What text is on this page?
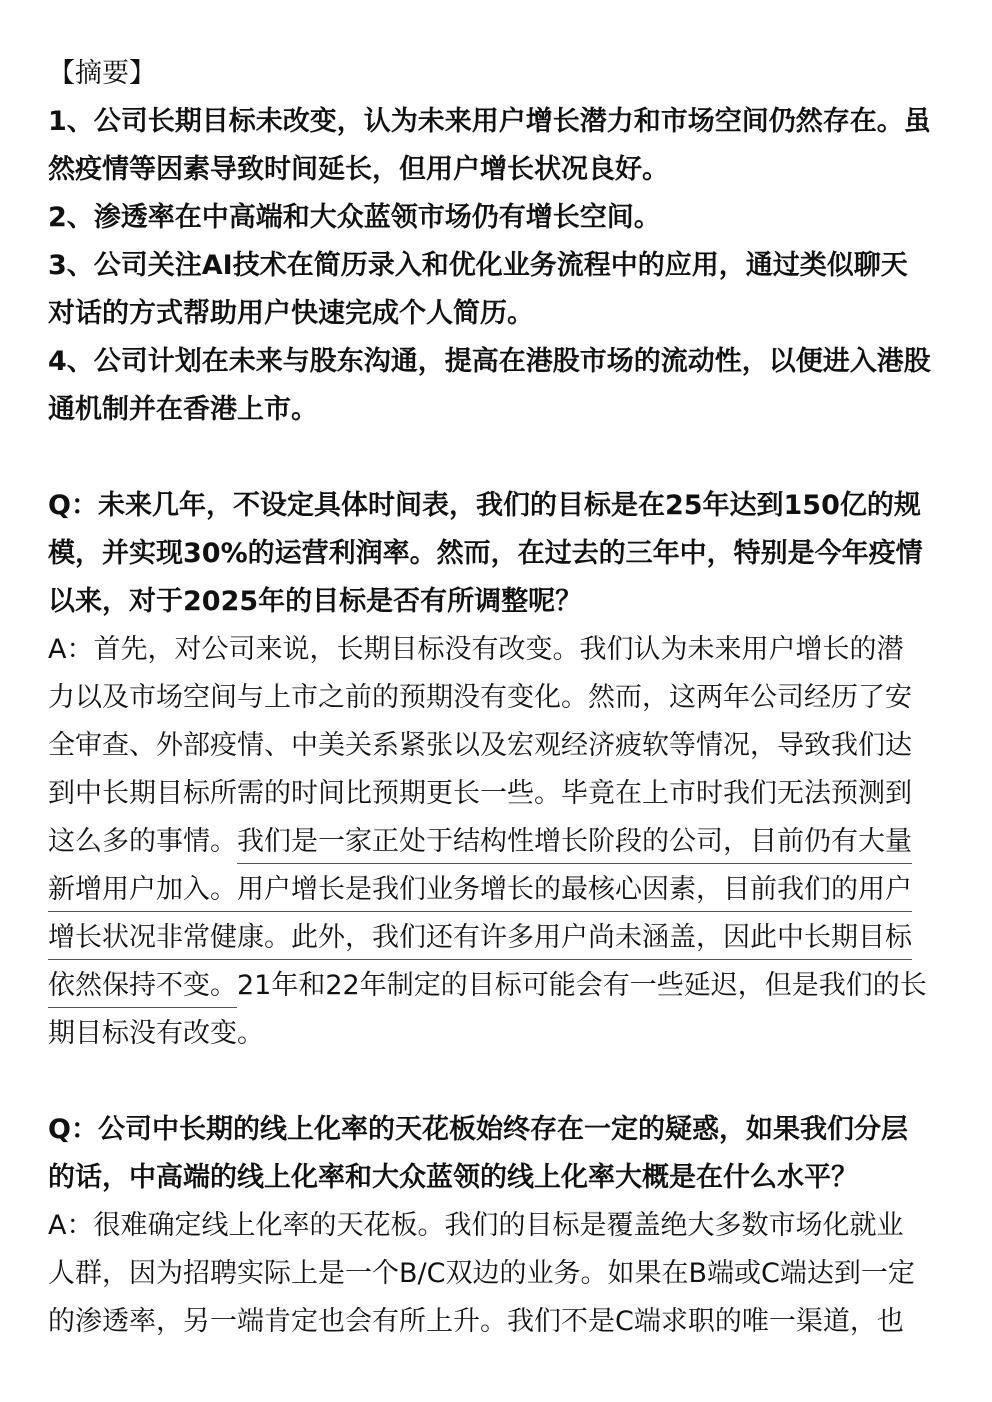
【摘要】
1、公司长期目标未改变，认为未来用户增长潜力和市场空间仍然存在。虽
然疫情等因素导致时间延长，但用户增长状况良好。
2、渗透率在中高端和大众蓝领市场仍有增长空间。
3、公司关注AI技术在简历录入和优化业务流程中的应用，通过类似聊天
对话的方式帮助用户快速完成个人简历。
4、公司计划在未来与股东沟通，提高在港股市场的流动性，以便进入港股
通机制并在香港上市。
Q：未来几年，不设定具体时间表，我们的目标是在25年达到150亿的规
模，并实现30%的运营利润率。然而，在过去的三年中，特别是今年疫情
以来，对于2025年的目标是否有所调整呢？
A：首先，对公司来说，长期目标没有改变。我们认为未来用户增长的潜
力以及市场空间与上市之前的预期没有变化。然而，这两年公司经历了安
全审查、外部疫情、中美关系紧张以及宏观经济疲软等情况，导致我们达
到中长期目标所需的时间比预期更长一些。毕竟在上市时我们无法预测到
这么多的事情。我们是一家正处于结构性增长阶段的公司，目前仍有大量
新增用户加入。用户增长是我们业务增长的最核心因素，目前我们的用户
增长状况非常健康。此外，我们还有许多用户尚未涵盖，因此中长期目标
依然保持不变。21年和22年制定的目标可能会有一些延迟，但是我们的长
期目标没有改变。
Q：公司中长期的线上化率的天花板始终存在一定的疑惑，如果我们分层
的话，中高端的线上化率和大众蓝领的线上化率大概是在什么水平？
A：很难确定线上化率的天花板。我们的目标是覆盖绝大多数市场化就业
人群，因为招聘实际上是一个B/C双边的业务。如果在B端或C端达到一定
的渗透率，另一端肯定也会有所上升。我们不是C端求职的唯一渠道，也
